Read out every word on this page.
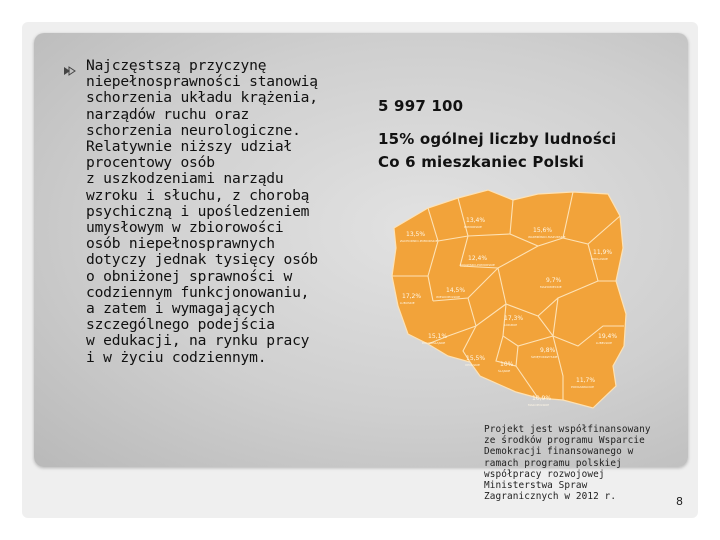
Najczęstszą przyczynę
niepełnosprawności stanowią
schorzenia układu krążenia,
narządów ruchu oraz
schorzenia neurologiczne.
Relatywnie niższy udział
procentowy osób
z uszkodzeniami narządu
wzroku i słuchu, z chorobą
psychiczną i upośledzeniem
umysłowym w zbiorowości
osób niepełnosprawnych
dotyczy jednak tysięcy osób
o obniżonej sprawności w
codziennym funkcjonowaniu,
a zatem i wymagających
szczególnego podejścia
w edukacji, na rynku pracy
i w życiu codziennym.
5 997 100
15% ogólnej liczby ludności
Co 6 mieszkaniec Polski
13,4%
POMORSKIE	15,6%
WARMIŃSKO-MAZURSKIE
13,5%
ZACHODNIO-POMORSKIE
12,4%
KUJAWSKO-POMORSKIE
11,9%
PODLASKIE
9,7%
MAZOWIECKIE
14,5%
WIELKOPOLSKIE
17,2%
LUBUSKIE
17,3%
ŁÓDZKIE
15,1%
DOLNOŚLĄSKIE
19,4%
LUBELSKIE
9,8%
ŚWIĘTOKRZYSKIE
15,5%
OPOLSKIE	10%
ŚLĄSKIE
11,7%
PODKARPACKIE
10,9%
MAŁOPOLSKIE
Projekt jest współfinansowany
ze środków programu Wsparcie
Demokracji finansowanego w
ramach programu polskiej
współpracy rozwojowej
Ministerstwa Spraw
Zagranicznych w 2012 r.	8
